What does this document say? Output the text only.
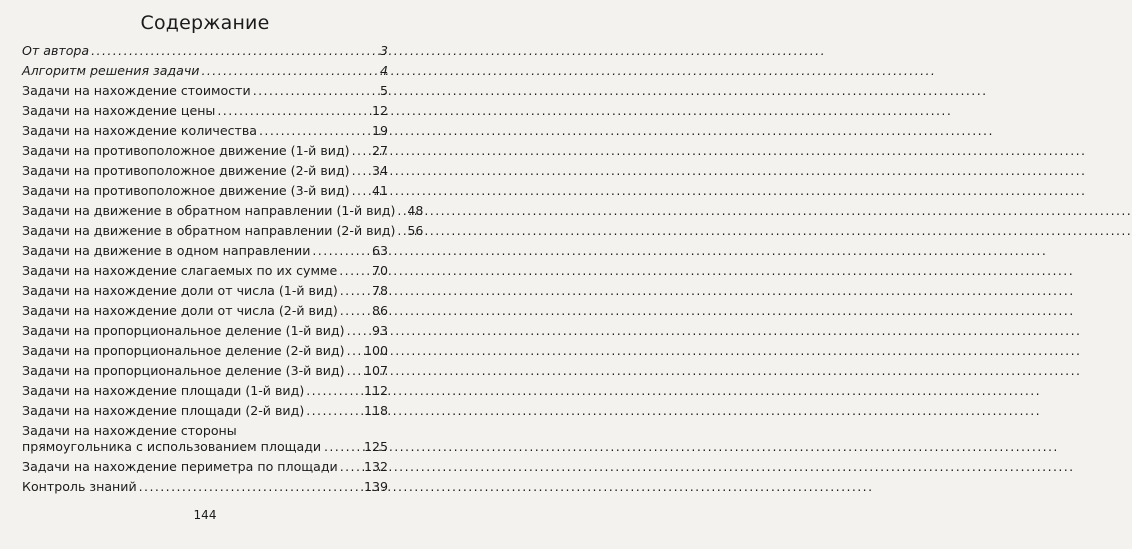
Содержание
От автора .....	3
Алгоритм решения задачи .....	4
Задачи на нахождение стоимости .....	5
Задачи на нахождение цены .....	12
Задачи на нахождение количества .....	19
Задачи на противоположное движение (1-й вид) ..... 27
Задачи на противоположное движение (2-й вид) ..... 34
Задачи на противоположное движение (3-й вид) ..... 41
Задачи на движение в обратном направлении (1-й вид) ..... 48
Задачи на движение в обратном направлении (2-й вид) ..... 56
Задачи на движение в одном направлении .....	63
Задачи на нахождение слагаемых по их сумме .....	70
Задачи на нахождение доли от числа (1-й вид) .....	78
Задачи на нахождение доли от числа (2-й вид) .....	86
Задачи на пропорциональное деление (1-й вид) ..... 93
Задачи на пропорциональное деление (2-й вид) ..... 100
Задачи на пропорциональное деление (3-й вид) ..... 107
Задачи на нахождение площади (1-й вид) .....	112
Задачи на нахождение площади (2-й вид) .....	118
Задачи на нахождение стороны прямоугольника с использованием площади .....	125
Задачи на нахождение периметра по площади ..... 132
Контроль знаний .....	139
144
